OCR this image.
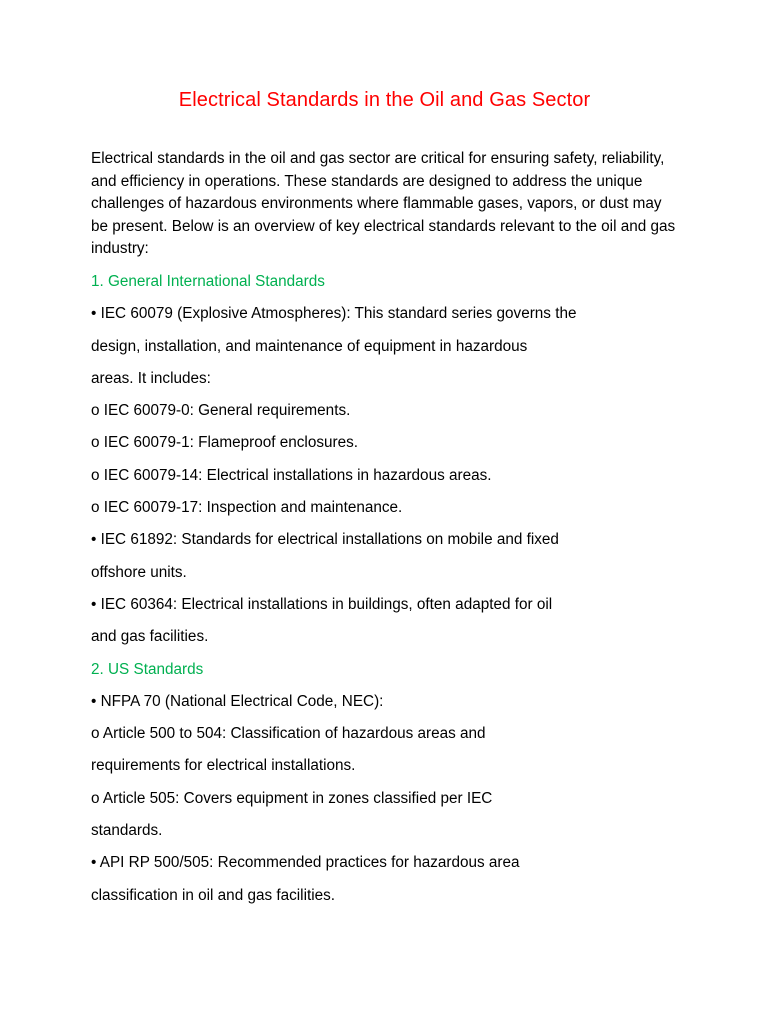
Electrical Standards in the Oil and Gas Sector

Electrical standards in the oil and gas sector are critical for ensuring safety, reliability, and efficiency in operations. These standards are designed to address the unique challenges of hazardous environments where flammable gases, vapors, or dust may be present. Below is an overview of key electrical standards relevant to the oil and gas industry:

1. General International Standards
• IEC 60079 (Explosive Atmospheres): This standard series governs the
design, installation, and maintenance of equipment in hazardous
areas. It includes:
o IEC 60079-0: General requirements.
o IEC 60079-1: Flameproof enclosures.
o IEC 60079-14: Electrical installations in hazardous areas.
o IEC 60079-17: Inspection and maintenance.
• IEC 61892: Standards for electrical installations on mobile and fixed
offshore units.
• IEC 60364: Electrical installations in buildings, often adapted for oil
and gas facilities.
2. US Standards
• NFPA 70 (National Electrical Code, NEC):
o Article 500 to 504: Classification of hazardous areas and
requirements for electrical installations.
o Article 505: Covers equipment in zones classified per IEC
standards.
• API RP 500/505: Recommended practices for hazardous area
classification in oil and gas facilities.
